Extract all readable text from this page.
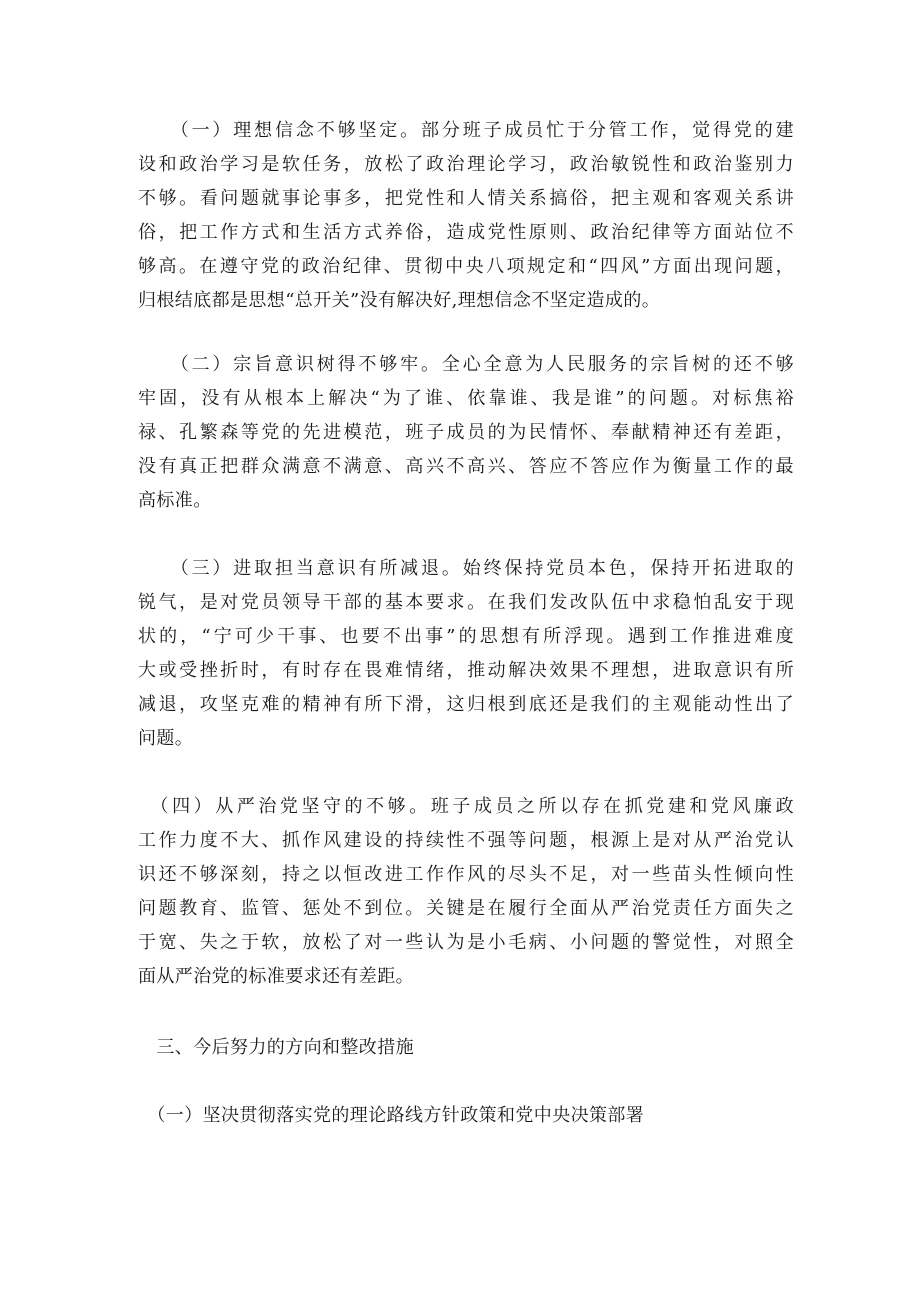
　　（一）理想信念不够坚定。部分班子成员忙于分管工作，觉得党的建
设和政治学习是软任务，放松了政治理论学习，政治敏锐性和政治鉴别力
不够。看问题就事论事多，把党性和人情关系搞俗，把主观和客观关系讲
俗，把工作方式和生活方式养俗，造成党性原则、政治纪律等方面站位不
够高。在遵守党的政治纪律、贯彻中央八项规定和“四风”方面出现问题，
归根结底都是思想“总开关”没有解决好,理想信念不坚定造成的。
　　（二）宗旨意识树得不够牢。全心全意为人民服务的宗旨树的还不够
牢固，没有从根本上解决“为了谁、依靠谁、我是谁”的问题。对标焦裕
禄、孔繁森等党的先进模范，班子成员的为民情怀、奉献精神还有差距，
没有真正把群众满意不满意、高兴不高兴、答应不答应作为衡量工作的最
高标准。
　　（三）进取担当意识有所减退。始终保持党员本色，保持开拓进取的
锐气，是对党员领导干部的基本要求。在我们发改队伍中求稳怕乱安于现
状的，“宁可少干事、也要不出事”的思想有所浮现。遇到工作推进难度
大或受挫折时，有时存在畏难情绪，推动解决效果不理想，进取意识有所
减退，攻坚克难的精神有所下滑，这归根到底还是我们的主观能动性出了
问题。
　（四）从严治党坚守的不够。班子成员之所以存在抓党建和党风廉政
工作力度不大、抓作风建设的持续性不强等问题，根源上是对从严治党认
识还不够深刻，持之以恒改进工作作风的尽头不足，对一些苗头性倾向性
问题教育、监管、惩处不到位。关键是在履行全面从严治党责任方面失之
于宽、失之于软，放松了对一些认为是小毛病、小问题的警觉性，对照全
面从严治党的标准要求还有差距。
　三、今后努力的方向和整改措施
　（一）坚决贯彻落实党的理论路线方针政策和党中央决策部署
